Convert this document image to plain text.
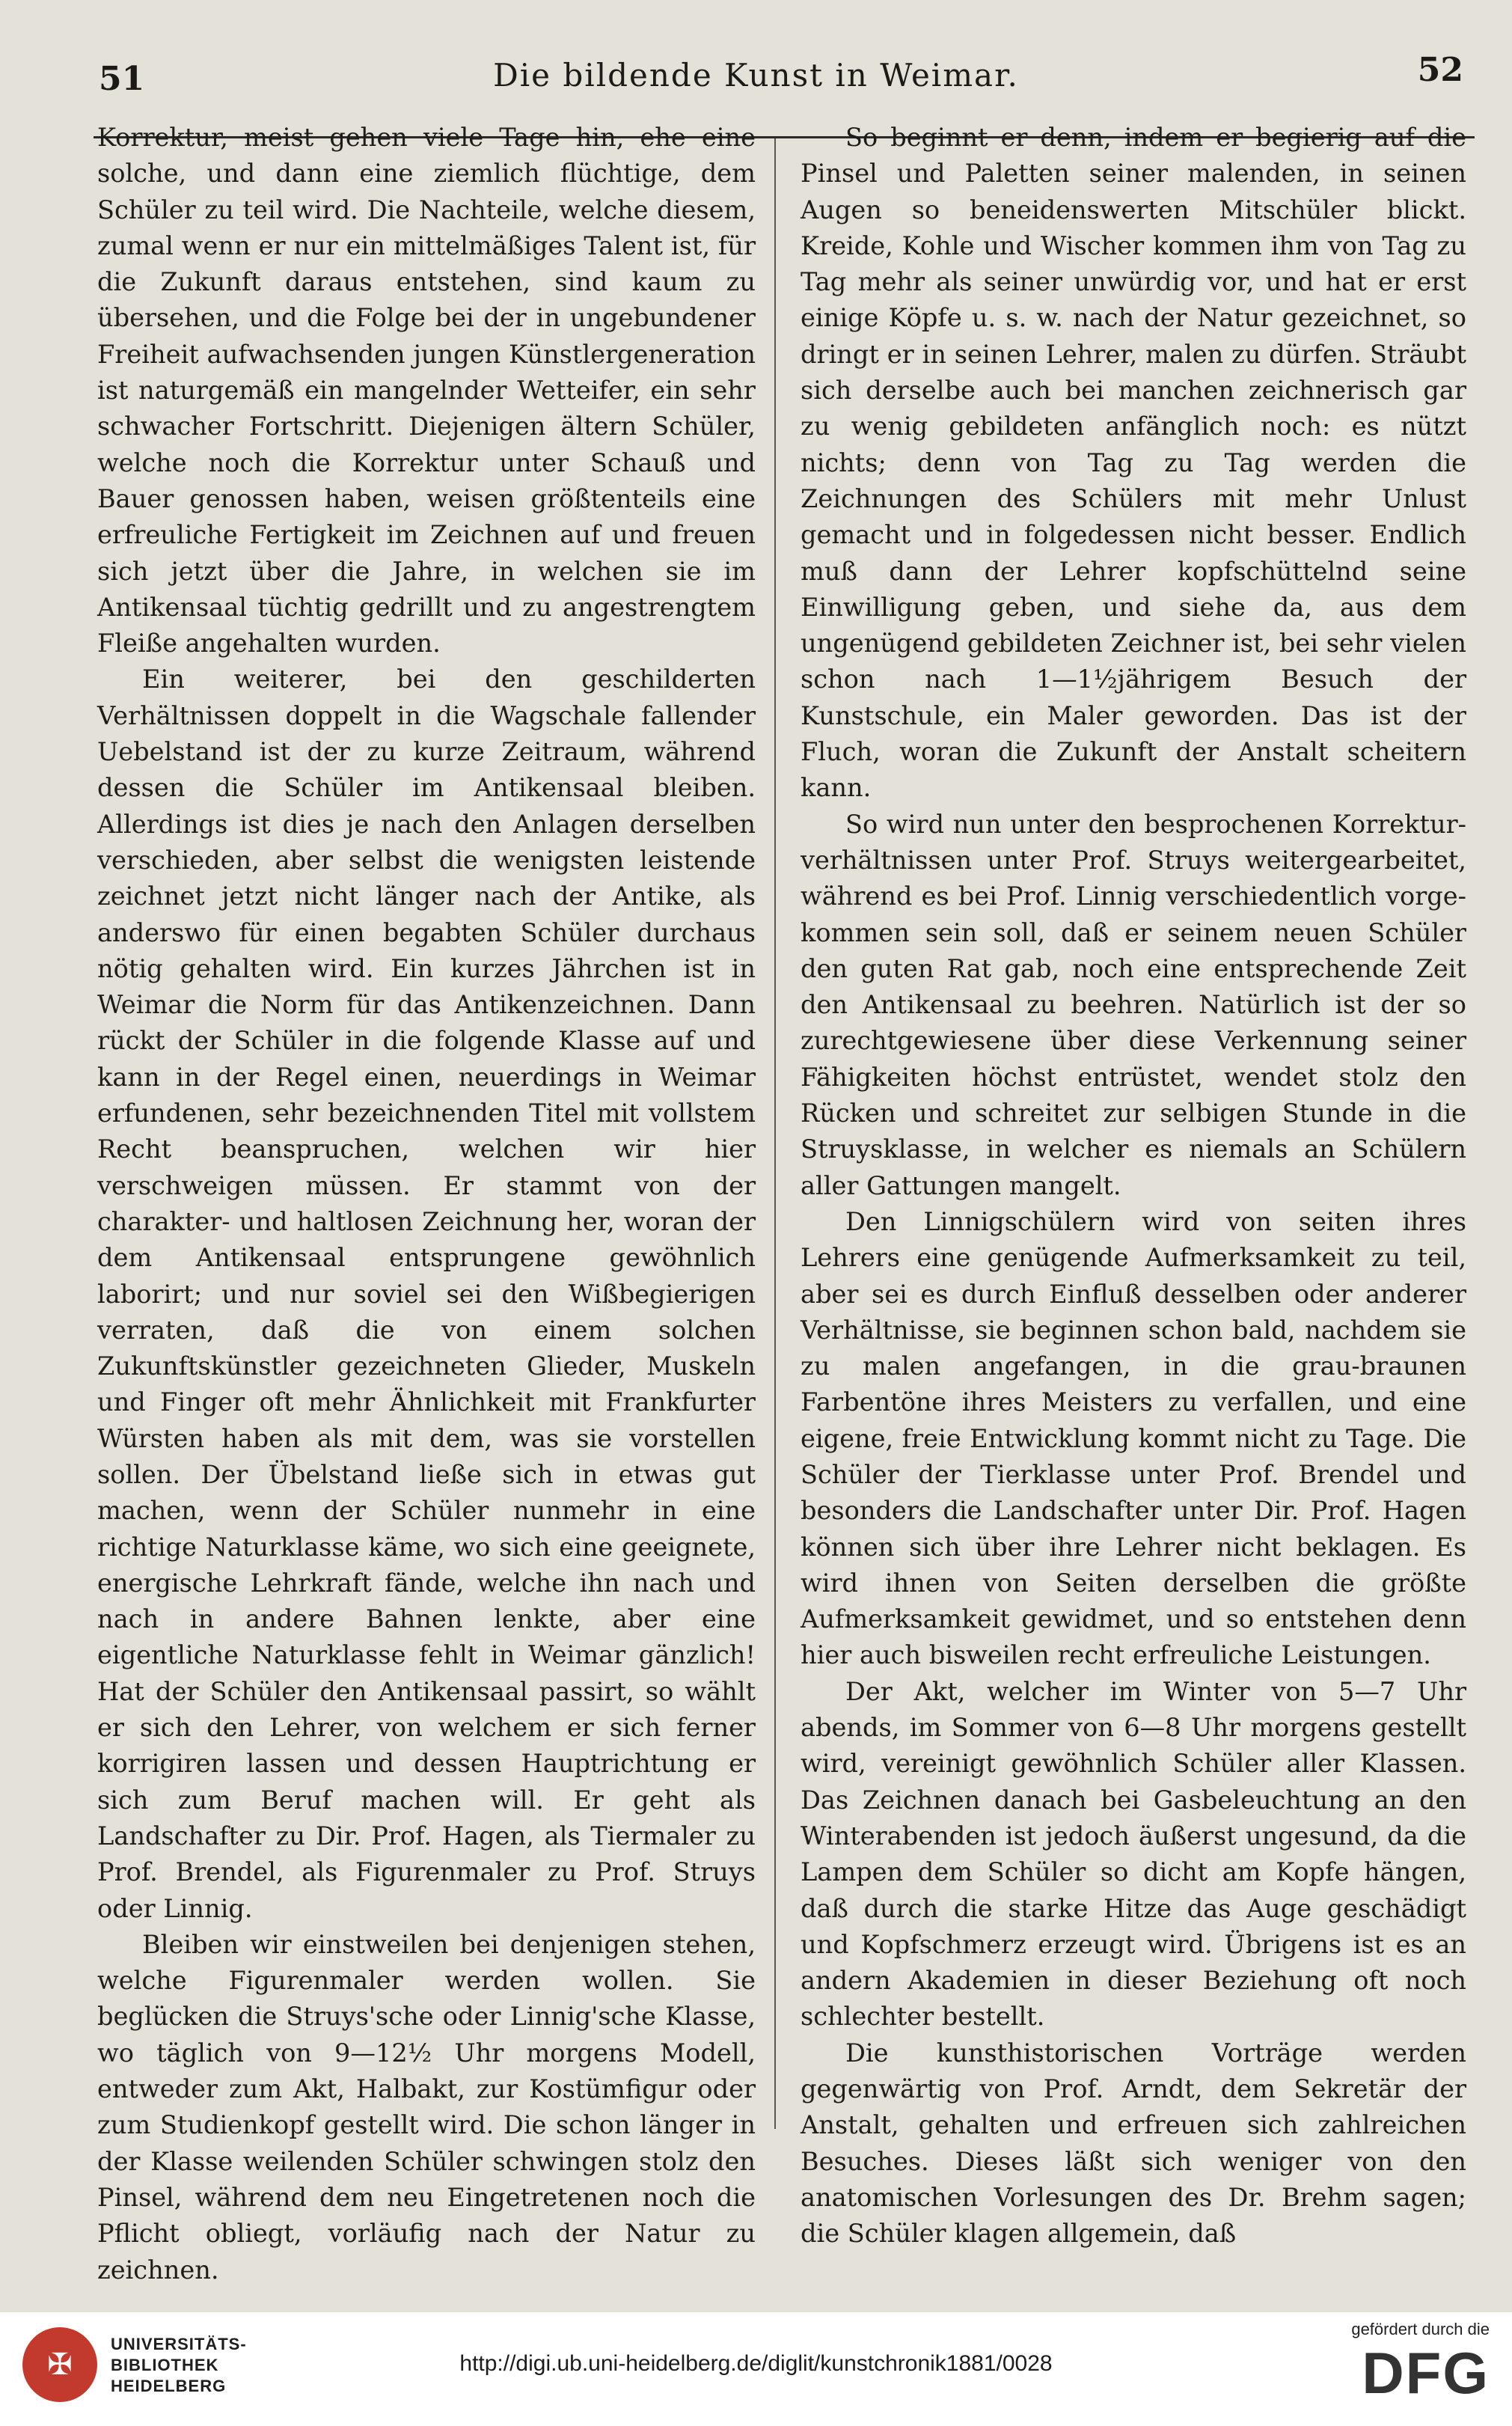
51	Die bildende Kunst in Weimar.	52

Korrektur, meist gehen viele Tage hin, ehe eine solche, und dann eine ziemlich flüchtige, dem Schüler zu teil wird. Die Nachteile, welche diesem, zumal wenn er nur ein mittelmäßiges Talent ist, für die Zukunft daraus entstehen, sind kaum zu übersehen, und die Folge bei der in ungebundener Freiheit aufwachsenden jungen Künstlergeneration ist naturgemäß ein mangelnder Wetteifer, ein sehr schwacher Fortschritt. Diejenigen ältern Schüler, welche noch die Korrektur unter Schauß und Bauer genossen haben, weisen größtenteils eine erfreuliche Fertigkeit im Zeichnen auf und freuen sich jetzt über die Jahre, in welchen sie im Antikensaal tüchtig gedrillt und zu angestrengtem Fleiße angehalten wurden.

Ein weiterer, bei den geschilderten Verhältnissen doppelt in die Wagschale fallender Uebelstand ist der zu kurze Zeitraum, während dessen die Schüler im Antikensaal bleiben. Allerdings ist dies je nach den Anlagen derselben verschieden, aber selbst die wenigsten leistende zeichnet jetzt nicht länger nach der Antike, als anderswo für einen begabten Schüler durchaus nötig gehalten wird. Ein kurzes Jährchen ist in Weimar die Norm für das Antikenzeichnen. Dann rückt der Schüler in die folgende Klasse auf und kann in der Regel einen, neuerdings in Weimar erfundenen, sehr bezeichnenden Titel mit vollstem Recht beanspruchen, welchen wir hier verschweigen müssen. Er stammt von der charakter- und haltlosen Zeichnung her, woran der dem Antikensaal entsprungene gewöhnlich laborirt; und nur soviel sei den Wißbegierigen verraten, daß die von einem solchen Zukunftskünstler gezeichneten Glieder, Muskeln und Finger oft mehr Ähnlichkeit mit Frankfurter Würsten haben als mit dem, was sie vorstellen sollen. Der Übelstand ließe sich in etwas gut machen, wenn der Schüler nunmehr in eine richtige Naturklasse käme, wo sich eine geeignete, energische Lehrkraft fände, welche ihn nach und nach in andere Bahnen lenkte, aber eine eigentliche Naturklasse fehlt in Weimar gänzlich! Hat der Schüler den Antikensaal passirt, so wählt er sich den Lehrer, von welchem er sich ferner korrigiren lassen und dessen Hauptrichtung er sich zum Beruf machen will. Er geht als Landschafter zu Dir. Prof. Hagen, als Tiermaler zu Prof. Brendel, als Figurenmaler zu Prof. Struys oder Linnig.

Bleiben wir einstweilen bei denjenigen stehen, welche Figurenmaler werden wollen. Sie beglücken die Struys'sche oder Linnig'sche Klasse, wo täglich von 9—12½ Uhr morgens Modell, entweder zum Akt, Halbakt, zur Kostümfigur oder zum Studienkopf gestellt wird. Die schon länger in der Klasse weilenden Schüler schwingen stolz den Pinsel, während dem neu Eingetretenen noch die Pflicht obliegt, vorläufig nach der Natur zu zeichnen.

So beginnt er denn, indem er begierig auf die Pinsel und Paletten seiner malenden, in seinen Augen so beneidenswerten Mitschüler blickt. Kreide, Kohle und Wischer kommen ihm von Tag zu Tag mehr als seiner unwürdig vor, und hat er erst einige Köpfe u. s. w. nach der Natur gezeichnet, so dringt er in seinen Lehrer, malen zu dürfen. Sträubt sich derselbe auch bei manchen zeichnerisch gar zu wenig gebildeten anfänglich noch: es nützt nichts; denn von Tag zu Tag werden die Zeichnungen des Schülers mit mehr Unlust gemacht und in folgedessen nicht besser. Endlich muß dann der Lehrer kopfschüttelnd seine Einwilligung geben, und siehe da, aus dem ungenügend gebildeten Zeichner ist, bei sehr vielen schon nach 1—1½jährigem Besuch der Kunstschule, ein Maler geworden. Das ist der Fluch, woran die Zukunft der Anstalt scheitern kann.

So wird nun unter den besprochenen Korrekturverhältnissen unter Prof. Struys weitergearbeitet, während es bei Prof. Linnig verschiedentlich vorgekommen sein soll, daß er seinem neuen Schüler den guten Rat gab, noch eine entsprechende Zeit den Antikensaal zu beehren. Natürlich ist der so zurechtgewiesene über diese Verkennung seiner Fähigkeiten höchst entrüstet, wendet stolz den Rücken und schreitet zur selbigen Stunde in die Struysklasse, in welcher es niemals an Schülern aller Gattungen mangelt.

Den Linnigschülern wird von seiten ihres Lehrers eine genügende Aufmerksamkeit zu teil, aber sei es durch Einfluß desselben oder anderer Verhältnisse, sie beginnen schon bald, nachdem sie zu malen angefangen, in die grau-braunen Farbentöne ihres Meisters zu verfallen, und eine eigene, freie Entwicklung kommt nicht zu Tage. Die Schüler der Tierklasse unter Prof. Brendel und besonders die Landschafter unter Dir. Prof. Hagen können sich über ihre Lehrer nicht beklagen. Es wird ihnen von Seiten derselben die größte Aufmerksamkeit gewidmet, und so entstehen denn hier auch bisweilen recht erfreuliche Leistungen.

Der Akt, welcher im Winter von 5—7 Uhr abends, im Sommer von 6—8 Uhr morgens gestellt wird, vereinigt gewöhnlich Schüler aller Klassen. Das Zeichnen danach bei Gasbeleuchtung an den Winterabenden ist jedoch äußerst ungesund, da die Lampen dem Schüler so dicht am Kopfe hängen, daß durch die starke Hitze das Auge geschädigt und Kopfschmerz erzeugt wird. Übrigens ist es an andern Akademien in dieser Beziehung oft noch schlechter bestellt.

Die kunsthistorischen Vorträge werden gegenwärtig von Prof. Arndt, dem Sekretär der Anstalt, gehalten und erfreuen sich zahlreichen Besuches. Dieses läßt sich weniger von den anatomischen Vorlesungen des Dr. Brehm sagen; die Schüler klagen allgemein, daß

✠
UNIVERSITÄTS-
BIBLIOTHEK
HEIDELBERG
http://digi.ub.uni-heidelberg.de/diglit/kunstchronik1881/0028
gefördert durch die
DFG
